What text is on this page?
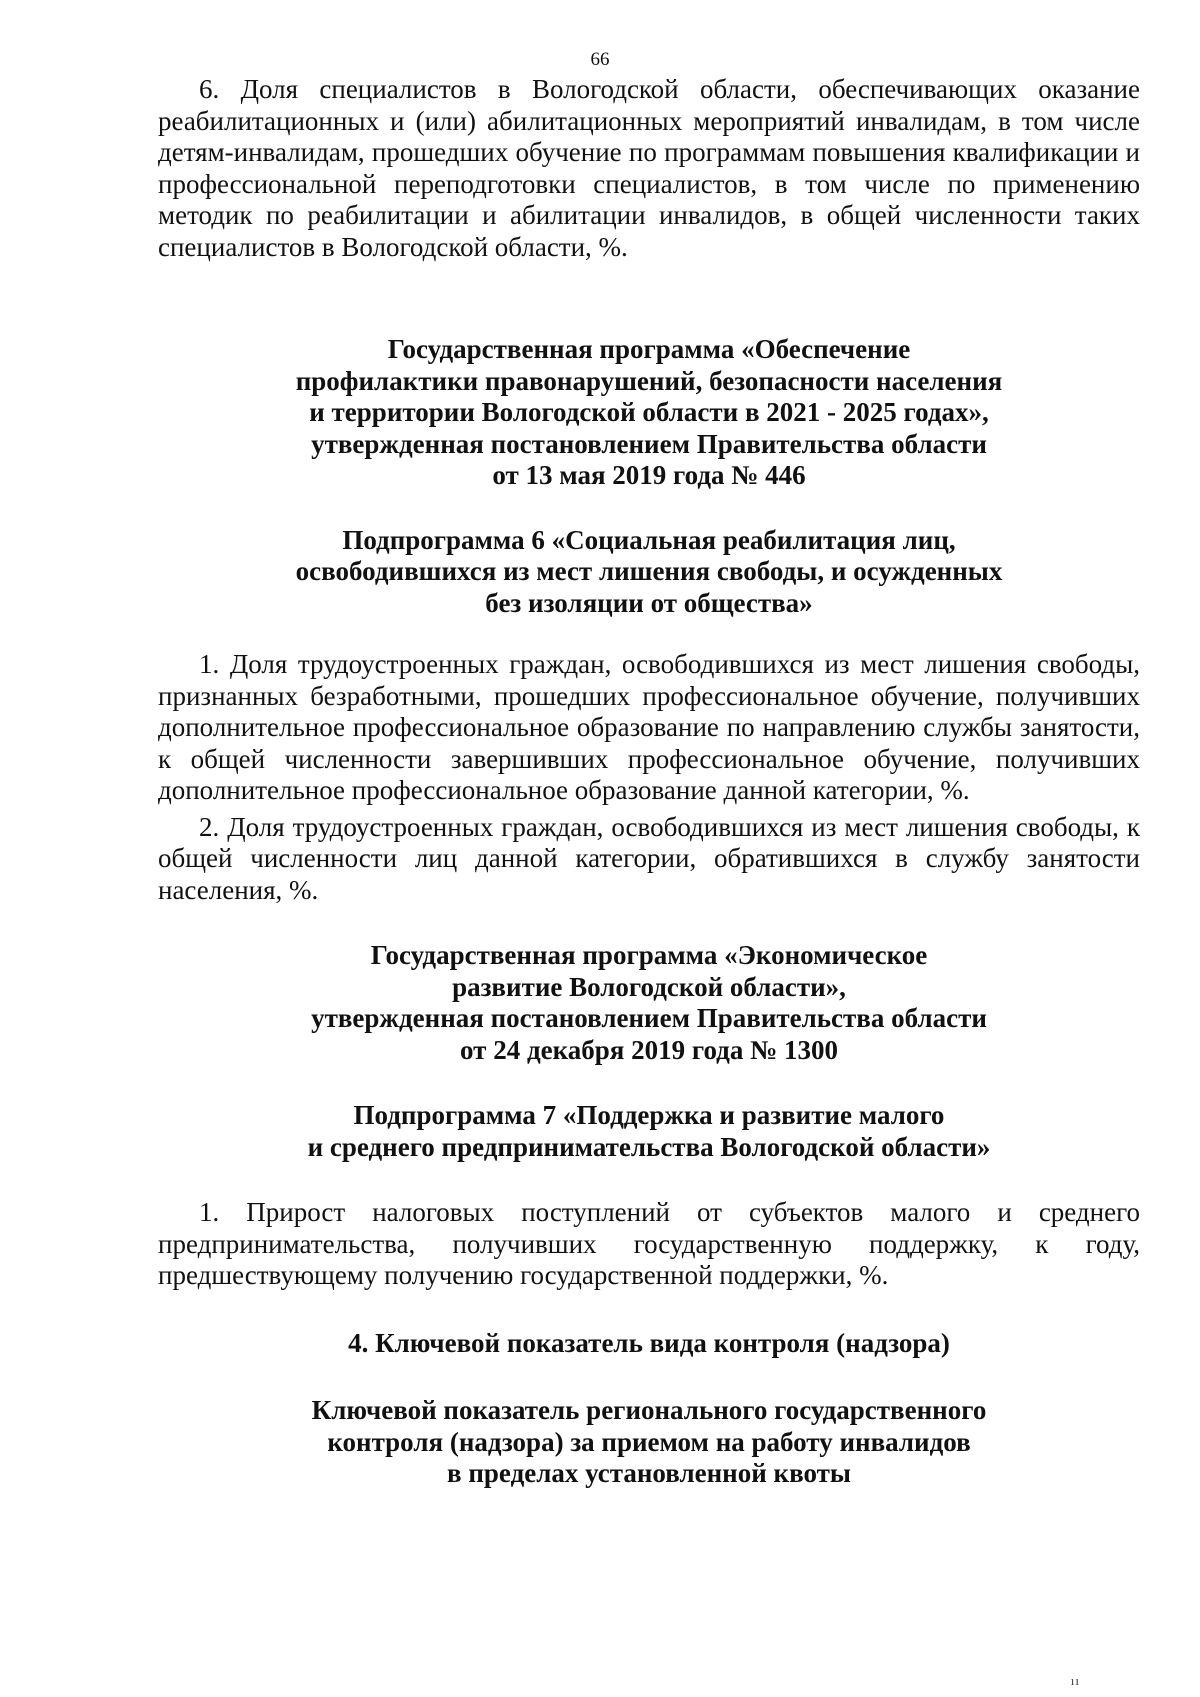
66

6. Доля специалистов в Вологодской области, обеспечивающих оказание реабилитационных и (или) абилитационных мероприятий инвалидам, в том числе детям-инвалидам, прошедших обучение по программам повышения квалификации и профессиональной переподготовки специалистов, в том числе по применению методик по реабилитации и абилитации инвалидов, в общей численности таких специалистов в Вологодской области, %.

Государственная программа «Обеспечение
профилактики правонарушений, безопасности населения
и территории Вологодской области в 2021 - 2025 годах»,
утвержденная постановлением Правительства области
от 13 мая 2019 года № 446
Подпрограмма 6 «Социальная реабилитация лиц,
освободившихся из мест лишения свободы, и осужденных
без изоляции от общества»

1. Доля трудоустроенных граждан, освободившихся из мест лишения свободы, признанных безработными, прошедших профессиональное обучение, получивших дополнительное профессиональное образование по направлению службы занятости, к общей численности завершивших профессиональное обучение, получивших дополнительное профессиональное образование данной категории, %.

2. Доля трудоустроенных граждан, освободившихся из мест лишения свободы, к общей численности лиц данной категории, обратившихся в службу занятости населения, %.

Государственная программа «Экономическое
развитие Вологодской области»,
утвержденная постановлением Правительства области
от 24 декабря 2019 года № 1300
Подпрограмма 7 «Поддержка и развитие малого
и среднего предпринимательства Вологодской области»

1. Прирост налоговых поступлений от субъектов малого и среднего предпринимательства, получивших государственную поддержку, к году, предшествующему получению государственной поддержки, %.

4. Ключевой показатель вида контроля (надзора)
Ключевой показатель регионального государственного
контроля (надзора) за приемом на работу инвалидов
в пределах установленной квоты
ıı
